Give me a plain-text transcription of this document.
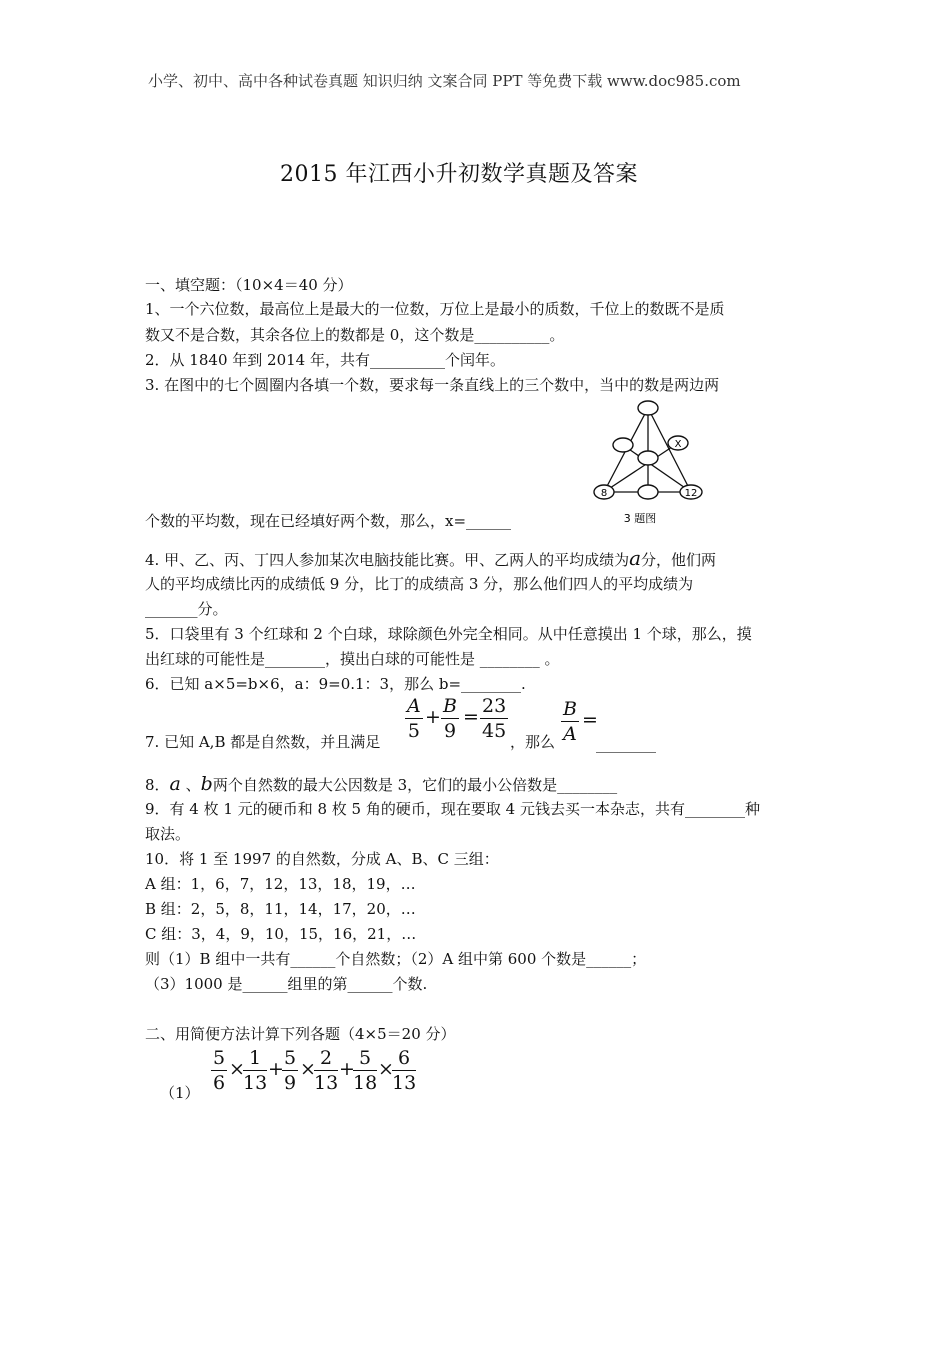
小学、初中、高中各种试卷真题 知识归纳 文案合同 PPT 等免费下载 www.doc985.com
2015 年江西小升初数学真题及答案
一、填空题：（10×4＝40 分）
1、一个六位数，最高位上是最大的一位数，万位上是最小的质数，千位上的数既不是质
数又不是合数，其余各位上的数都是 0，这个数是__________。
2．从 1840 年到 2014 年，共有__________个闰年。
3. 在图中的七个圆圈内各填一个数，要求每一条直线上的三个数中，当中的数是两边两
X
8	12
3 题图
个数的平均数，现在已经填好两个数，那么，x=______
4. 甲、乙、丙、丁四人参加某次电脑技能比赛。甲、乙两人的平均成绩为a分，他们两
人的平均成绩比丙的成绩低 9 分，比丁的成绩高 3 分，那么他们四人的平均成绩为
_______分。
5．口袋里有 3 个红球和 2 个白球，球除颜色外完全相同。从中任意摸出 1 个球，那么，摸
出红球的可能性是________，摸出白球的可能性是 ________ 。
6．已知 a×5=b×6，a：9=0.1：3，那么 b=________.
7. 已知 A,B 都是自然数，并且满足 $\frac{A}{5} + \frac{B}{9} = \frac{23}{45}$ ，那么 $\frac{B}{A}$ =
________
8．a 、b两个自然数的最大公因数是 3，它们的最小公倍数是________
9．有 4 枚 1 元的硬币和 8 枚 5 角的硬币，现在要取 4 元钱去买一本杂志，共有________种
取法。
10．将 1 至 1997 的自然数，分成 A、B、C 三组：
A 组：1，6，7，12，13，18，19，…
B 组：2，5，8，11，14，17，20，…
C 组：3，4，9，10，15，16，21，…
则（1）B 组中一共有______个自然数；（2）A 组中第 600 个数是______；
（3）1000 是______组里的第______个数.
二、用简便方法计算下列各题（4×5＝20 分）
$(1) \frac{5}{6}$ ×
$\frac{1}{13}$ +
$\frac{5}{9}$ ×
$\frac{2}{13}$ +
$\frac{5}{18}$ ×
$\frac{6}{13}$
